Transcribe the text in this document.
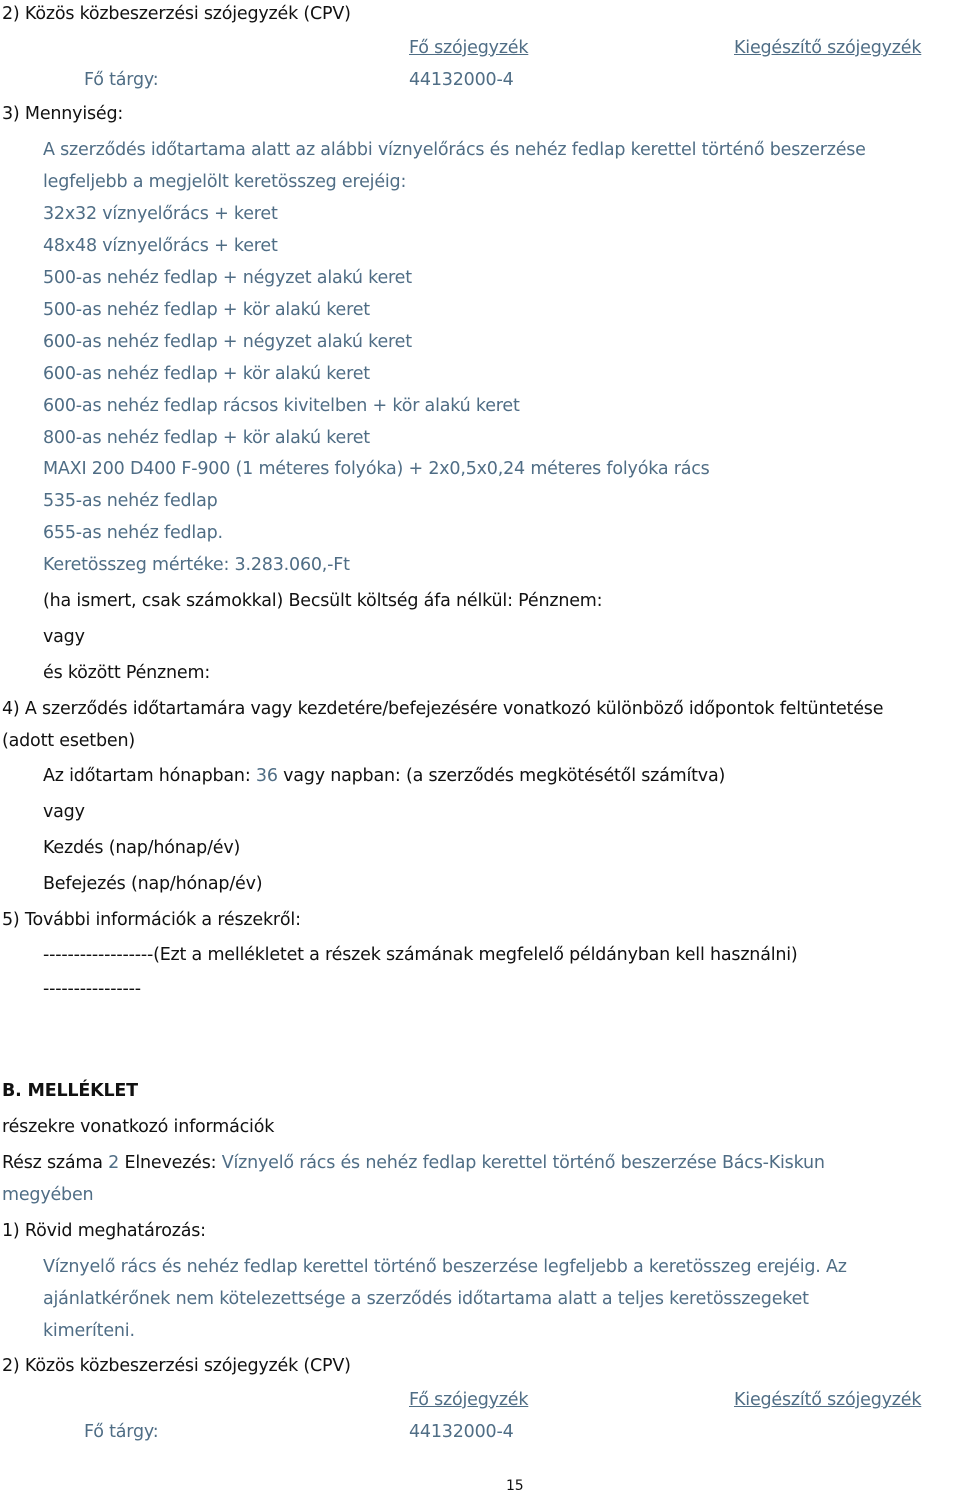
2) Közös közbeszerzési szójegyzék (CPV)
Fő szójegyzék	Kiegészítő szójegyzék
Fő tárgy:	44132000-4
3) Mennyiség:
A szerződés időtartama alatt az alábbi víznyelőrács és nehéz fedlap kerettel történő beszerzése
legfeljebb a megjelölt keretösszeg erejéig:
32x32 víznyelőrács + keret
48x48 víznyelőrács + keret
500-as nehéz fedlap + négyzet alakú keret
500-as nehéz fedlap + kör alakú keret
600-as nehéz fedlap + négyzet alakú keret
600-as nehéz fedlap + kör alakú keret
600-as nehéz fedlap rácsos kivitelben + kör alakú keret
800-as nehéz fedlap + kör alakú keret
MAXI 200 D400 F-900 (1 méteres folyóka) + 2x0,5x0,24 méteres folyóka rács
535-as nehéz fedlap
655-as nehéz fedlap.
Keretösszeg mértéke: 3.283.060,-Ft
(ha ismert, csak számokkal) Becsült költség áfa nélkül: Pénznem:
vagy
és között Pénznem:
4) A szerződés időtartamára vagy kezdetére/befejezésére vonatkozó különböző időpontok feltüntetése
(adott esetben)
Az időtartam hónapban: 36 vagy napban: (a szerződés megkötésétől számítva)
vagy
Kezdés (nap/hónap/év)
Befejezés (nap/hónap/év)
5) További információk a részekről:
------------------(Ezt a mellékletet a részek számának megfelelő példányban kell használni)
----------------
B. MELLÉKLET
részekre vonatkozó információk
Rész száma 2 Elnevezés: Víznyelő rács és nehéz fedlap kerettel történő beszerzése Bács-Kiskun
megyében
1) Rövid meghatározás:
Víznyelő rács és nehéz fedlap kerettel történő beszerzése legfeljebb a keretösszeg erejéig. Az
ajánlatkérőnek nem kötelezettsége a szerződés időtartama alatt a teljes keretösszegeket
kimeríteni.
2) Közös közbeszerzési szójegyzék (CPV)
Fő szójegyzék	Kiegészítő szójegyzék
Fő tárgy:	44132000-4
15
